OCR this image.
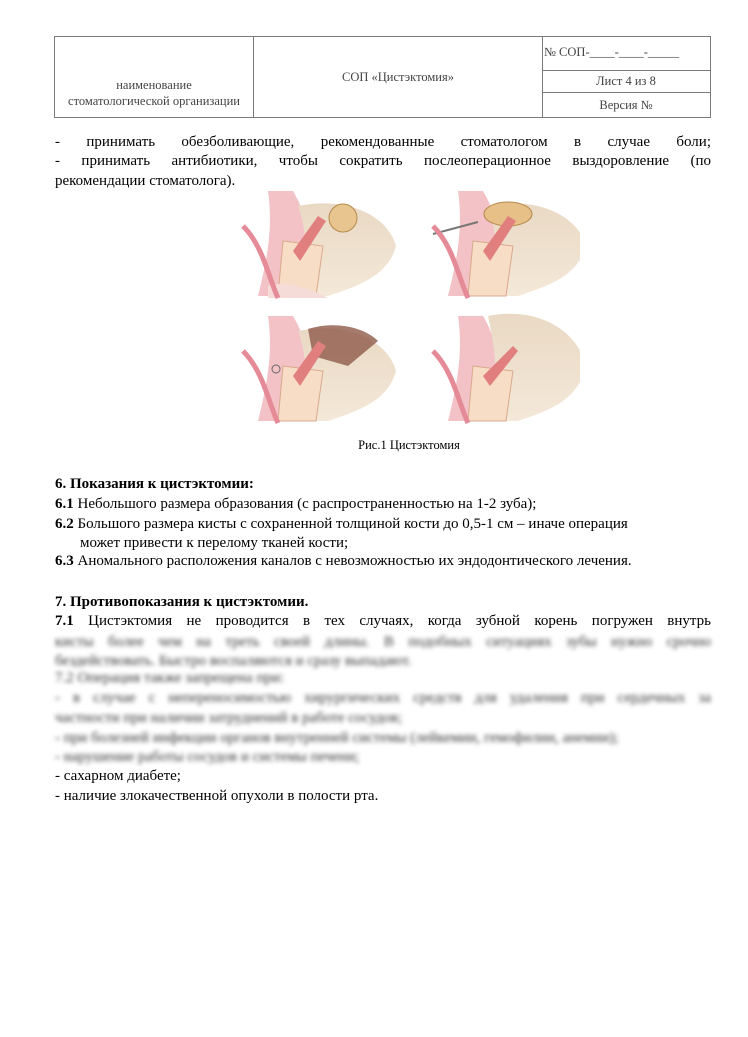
наименование
стоматологической организации
СОП «Цистэктомия»
№ СОП-____-____-_____
Лист 4 из 8
Версия №
- принимать обезболивающие, рекомендованные стоматологом в случае боли;
- принимать антибиотики, чтобы сократить послеоперационное выздоровление (по
рекомендации стоматолога).
Рис.1 Цистэктомия
6. Показания к цистэктомии:
6.1 Небольшого размера образования (с распространенностью на 1-2 зуба);
6.2 Большого размера кисты с сохраненной толщиной кости до 0,5-1 см – иначе операция
может привести к перелому тканей кости;
6.3 Аномального расположения каналов с невозможностью их эндодонтического лечения.
7. Противопоказания к цистэктомии.
7.1 Цистэктомия не проводится в тех случаях, когда зубной корень погружен внутрь
кисты более чем на треть своей длины. В подобных ситуациях зубы нужно срочно
бездействовать. Быстро воспаляются и сразу выпадают.
7.2 Операция также запрещена при:
- в случае с непереносимостью хирургических средств для удаления при сердечных за
частности при наличии затруднений в работе сосудов;
- при болезней инфекции органов внутренней системы (лейкемии, гемофилии, анемии);
- нарушение работы сосудов и системы печени;
- сахарном диабете;
- наличие злокачественной опухоли в полости рта.
